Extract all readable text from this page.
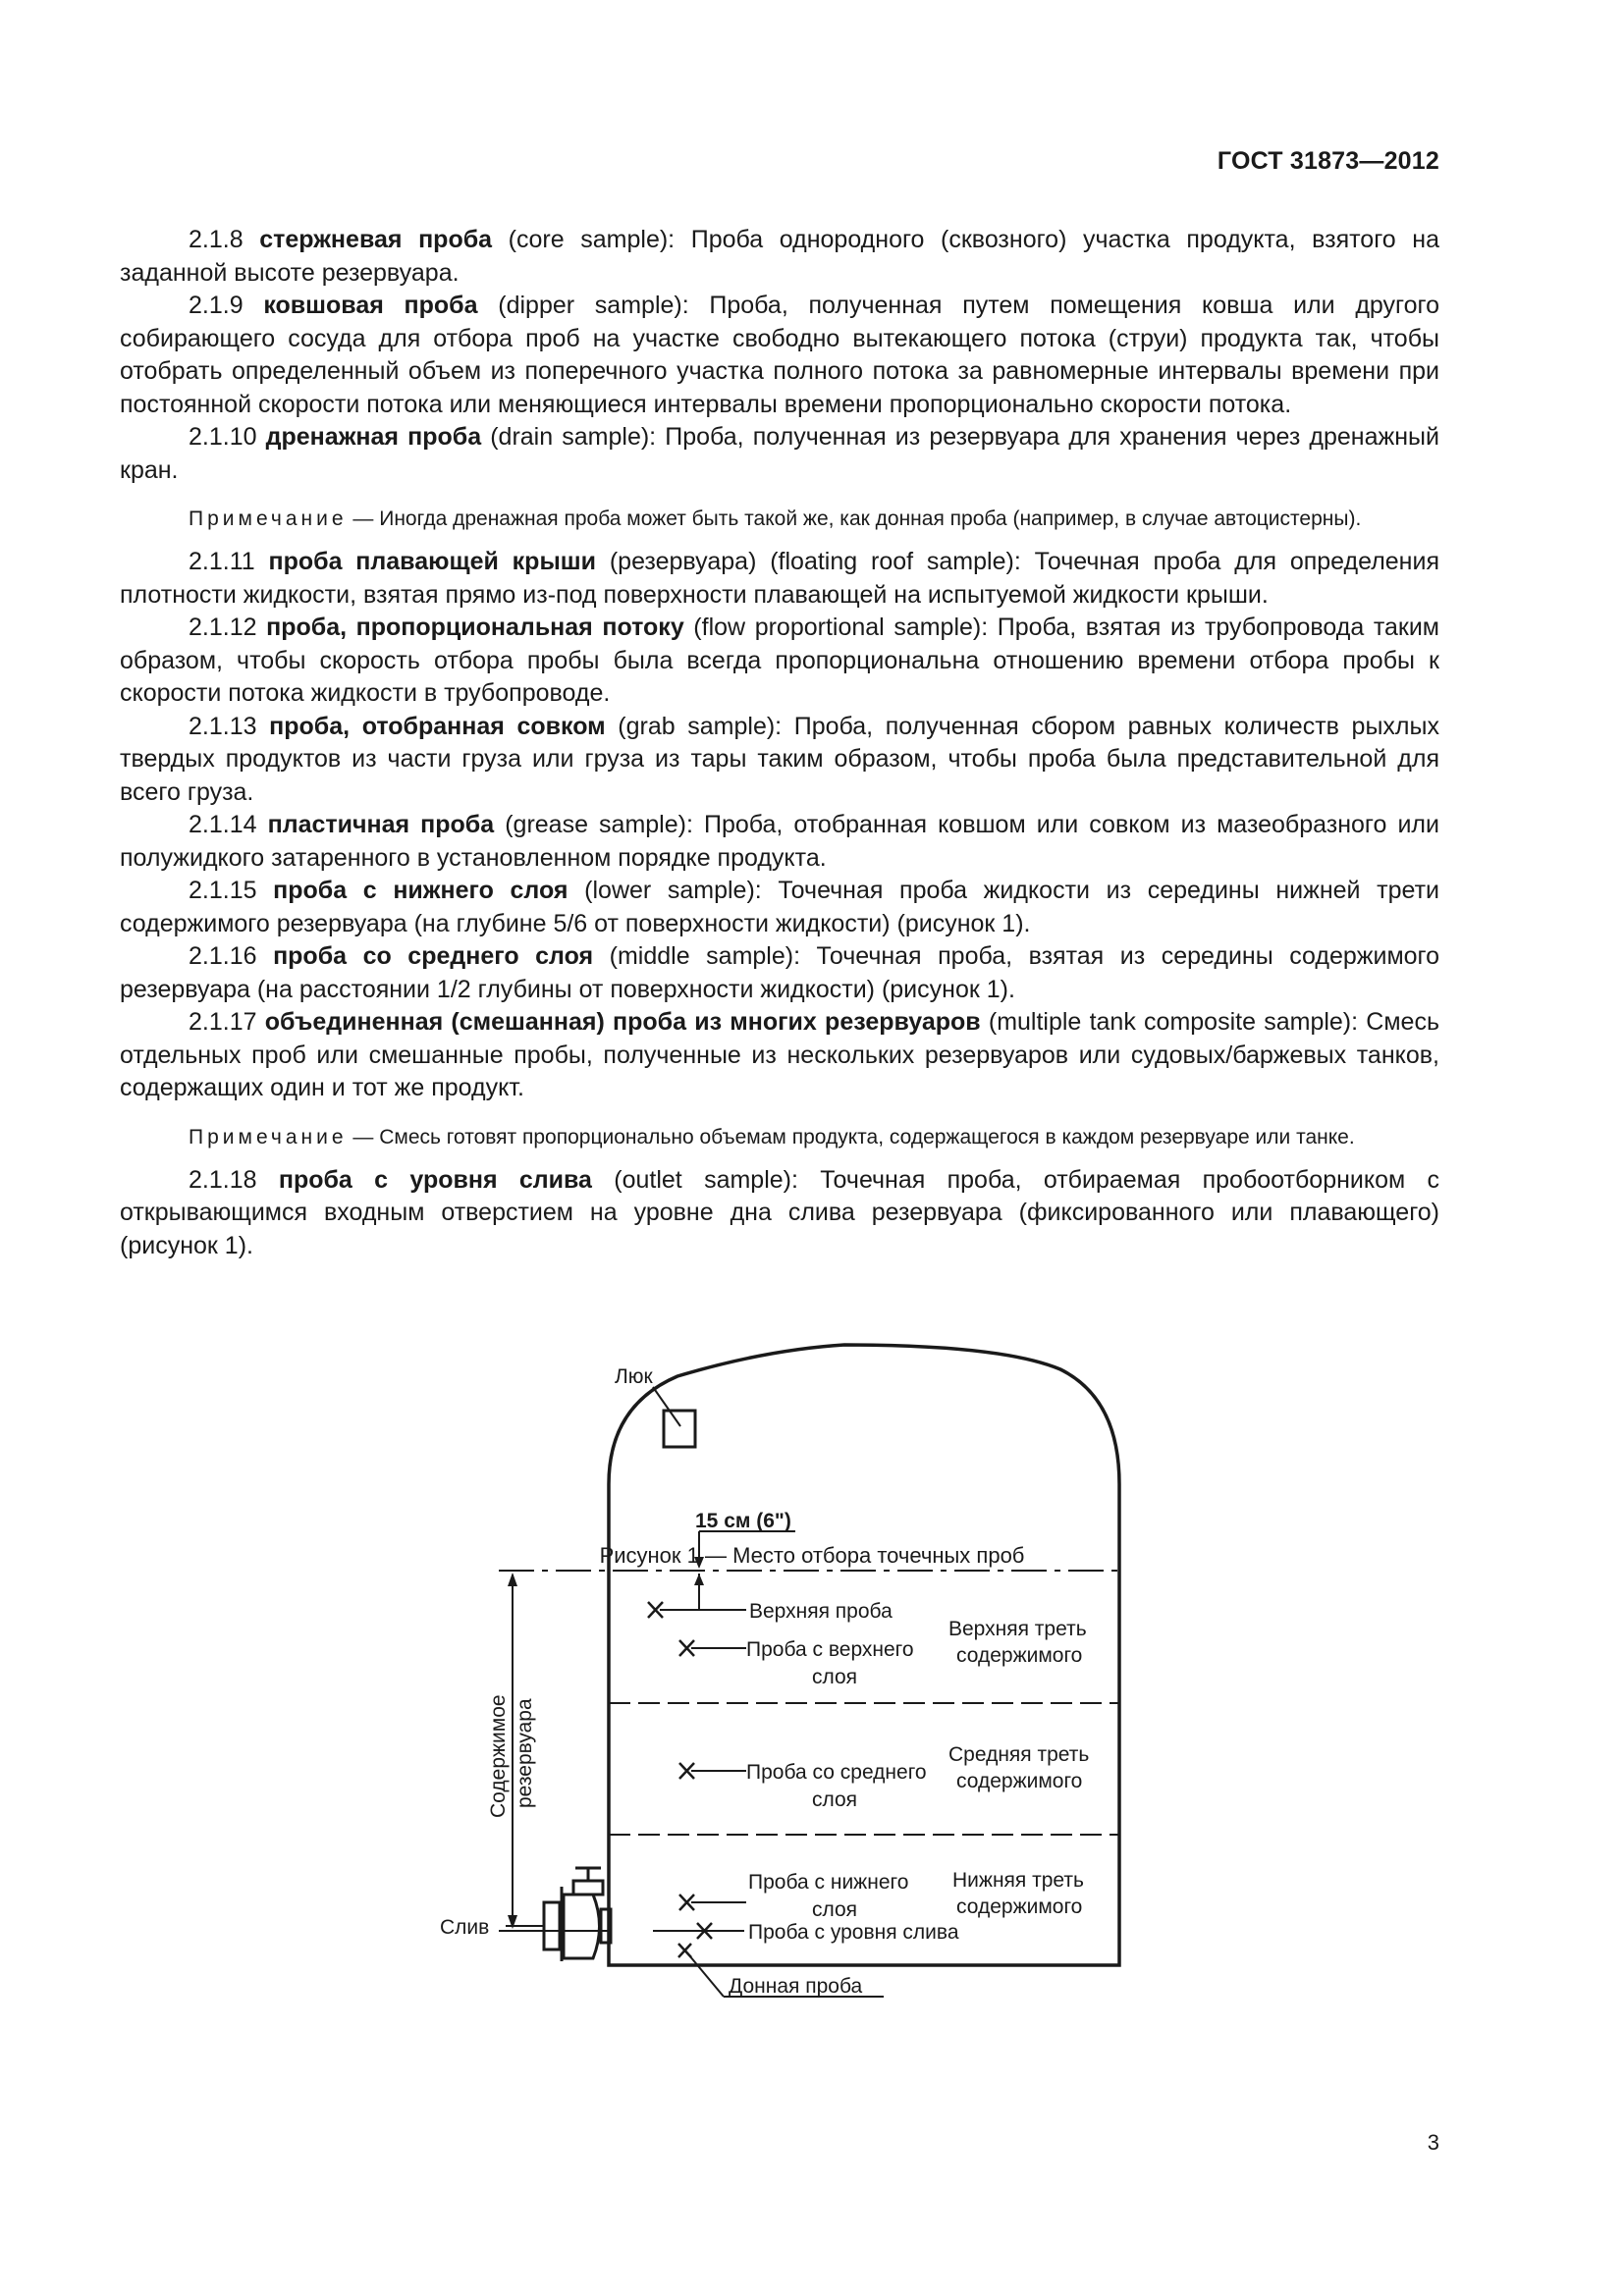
ГОСТ 31873—2012

2.1.8 стержневая проба (core sample): Проба однородного (сквозного) участка продукта, взятого на заданной высоте резервуара.

2.1.9 ковшовая проба (dipper sample): Проба, полученная путем помещения ковша или другого собирающего сосуда для отбора проб на участке свободно вытекающего потока (струи) продукта так, чтобы отобрать определенный объем из поперечного участка полного потока за равномерные интервалы времени при постоянной скорости потока или меняющиеся интервалы времени пропорционально скорости потока.

2.1.10 дренажная проба (drain sample): Проба, полученная из резервуара для хранения через дренажный кран.

Примечание — Иногда дренажная проба может быть такой же, как донная проба (например, в случае автоцистерны).

2.1.11 проба плавающей крыши (резервуара) (floating roof sample): Точечная проба для определения плотности жидкости, взятая прямо из-под поверхности плавающей на испытуемой жидкости крыши.

2.1.12 проба, пропорциональная потоку (flow proportional sample): Проба, взятая из трубопровода таким образом, чтобы скорость отбора пробы была всегда пропорциональна отношению времени отбора пробы к скорости потока жидкости в трубопроводе.

2.1.13 проба, отобранная совком (grab sample): Проба, полученная сбором равных количеств рыхлых твердых продуктов из части груза или груза из тары таким образом, чтобы проба была представительной для всего груза.

2.1.14 пластичная проба (grease sample): Проба, отобранная ковшом или совком из мазеобразного или полужидкого затаренного в установленном порядке продукта.

2.1.15 проба с нижнего слоя (lower sample): Точечная проба жидкости из середины нижней трети содержимого резервуара (на глубине 5/6 от поверхности жидкости) (рисунок 1).

2.1.16 проба со среднего слоя (middle sample): Точечная проба, взятая из середины содержимого резервуара (на расстоянии 1/2 глубины от поверхности жидкости) (рисунок 1).

2.1.17 объединенная (смешанная) проба из многих резервуаров (multiple tank composite sample): Смесь отдельных проб или смешанные пробы, полученные из нескольких резервуаров или судовых/баржевых танков, содержащих один и тот же продукт.

Примечание — Смесь готовят пропорционально объемам продукта, содержащегося в каждом резервуаре или танке.

2.1.18 проба с уровня слива (outlet sample): Точечная проба, отбираемая пробоотборником с открывающимся входным отверстием на уровне дна слива резервуара (фиксированного или плавающего) (рисунок 1).

Люк
15 см (6")
Верхняя проба
Проба с верхнего
слоя
Верхняя треть
содержимого
Проба со среднего
слоя
Средняя треть
содержимого
Проба с нижнего
слоя
Нижняя треть
содержимого
Проба с уровня слива
Донная проба
Слив
Содержимое резервуара
Рисунок 1 — Место отбора точечных проб
3
